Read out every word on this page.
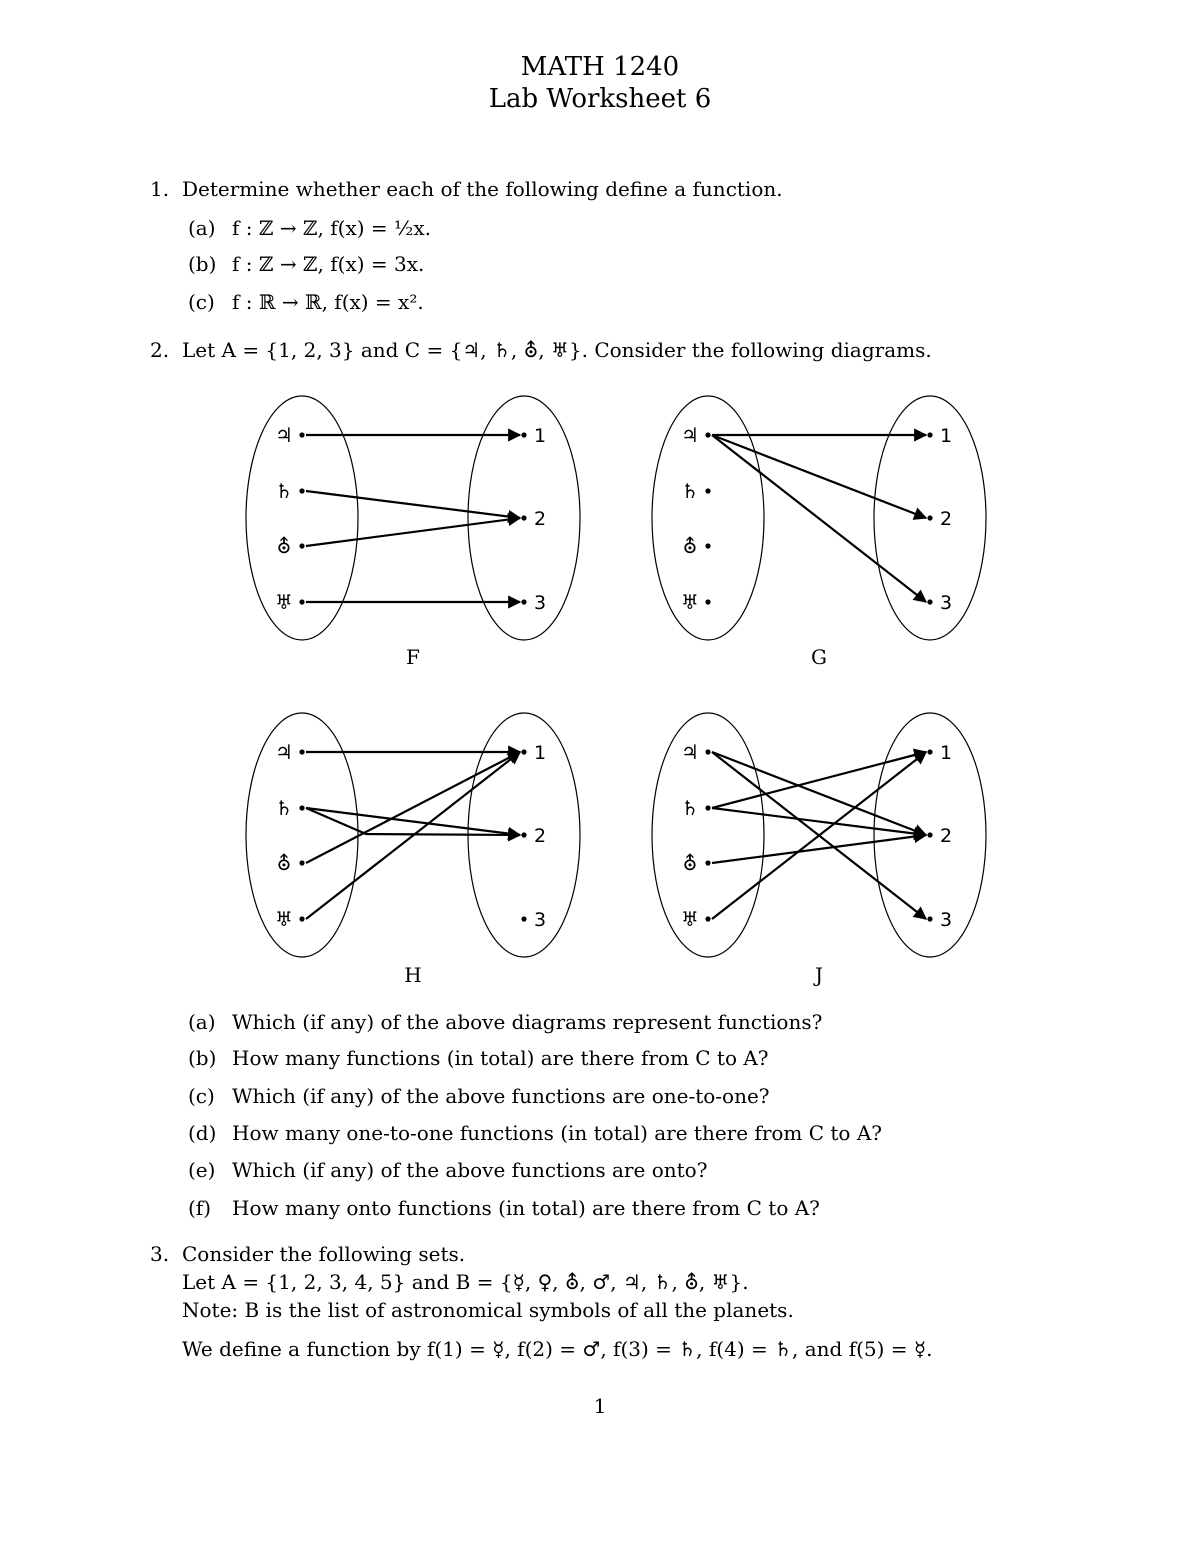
MATH 1240
Lab Worksheet 6
1. Determine whether each of the following define a function.
(a) f : ℤ → ℤ, f(x) = ½x.
(b) f : ℤ → ℤ, f(x) = 3x.
(c) f : ℝ → ℝ, f(x) = x².
2. Let A = {1, 2, 3} and C = {♃, ♄, ⛢, ♅}. Consider the following diagrams.
♃
♄
⛢
♅
1
2
3
F
♃
♄
⛢
♅
1
2
3
G
♃
♄
⛢
♅
1
2
3
H
♃
♄
⛢
♅
1
2
3
J
(a) Which (if any) of the above diagrams represent functions?
(b) How many functions (in total) are there from C to A?
(c) Which (if any) of the above functions are one-to-one?
(d) How many one-to-one functions (in total) are there from C to A?
(e) Which (if any) of the above functions are onto?
(f) How many onto functions (in total) are there from C to A?
3. Consider the following sets.
Let A = {1, 2, 3, 4, 5} and B = {☿, ♀, ⛢, ♂, ♃, ♄, ⛢, ♅}.
Note: B is the list of astronomical symbols of all the planets.
We define a function by f(1) = ☿, f(2) = ♂, f(3) = ♄, f(4) = ♄, and f(5) = ☿.
1
